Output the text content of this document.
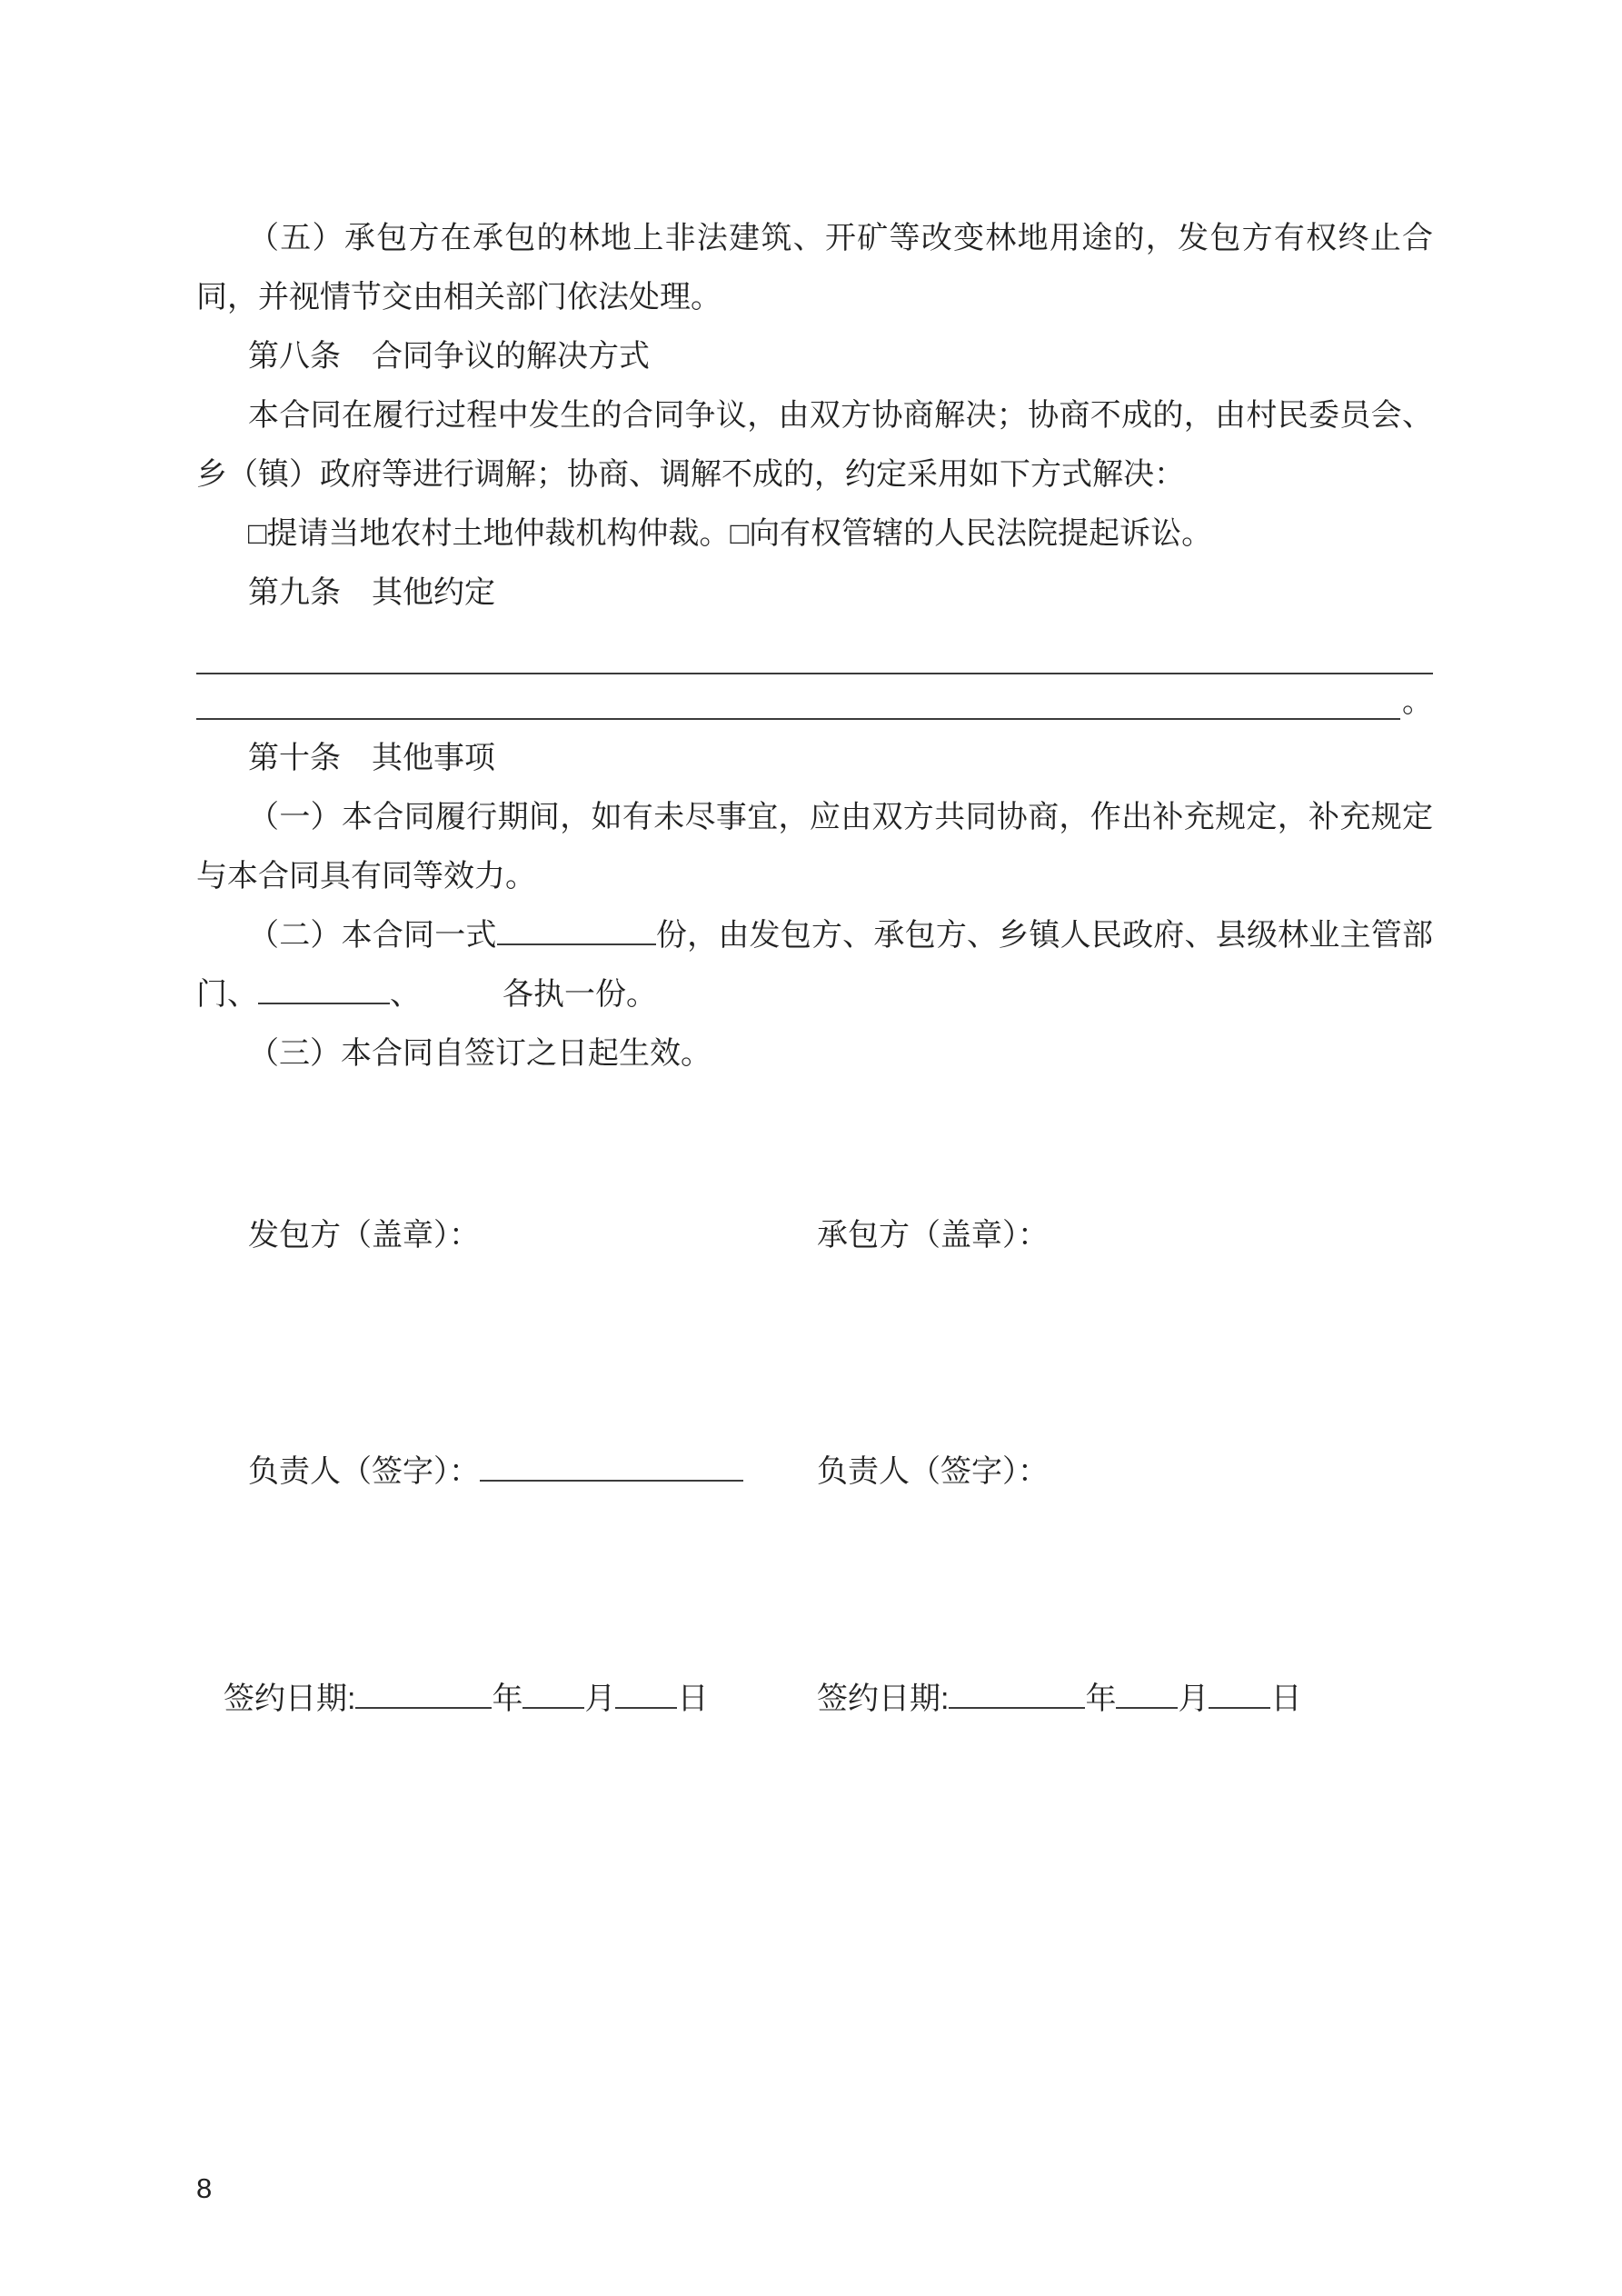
（五）承包方在承包的林地上非法建筑、开矿等改变林地用途的，发包方有权终止合同，并视情节交由相关部门依法处理。

第八条　合同争议的解决方式

本合同在履行过程中发生的合同争议，由双方协商解决；协商不成的，由村民委员会、乡（镇）政府等进行调解；协商、调解不成的，约定采用如下方式解决：

□提请当地农村土地仲裁机构仲裁。□向有权管辖的人民法院提起诉讼。

第九条　其他约定

。

第十条　其他事项

（一）本合同履行期间，如有未尽事宜，应由双方共同协商，作出补充规定，补充规定与本合同具有同等效力。

（二）本合同一式	份，由发包方、承包方、乡镇人民政府、县级林业主管部门、	、	各执一份。

（三）本合同自签订之日起生效。

发包方（盖章）：	承包方（盖章）：
负责人（签字）：	负责人（签字）：
签约日期:	年 月 日	签约日期:	年 月 日
8
